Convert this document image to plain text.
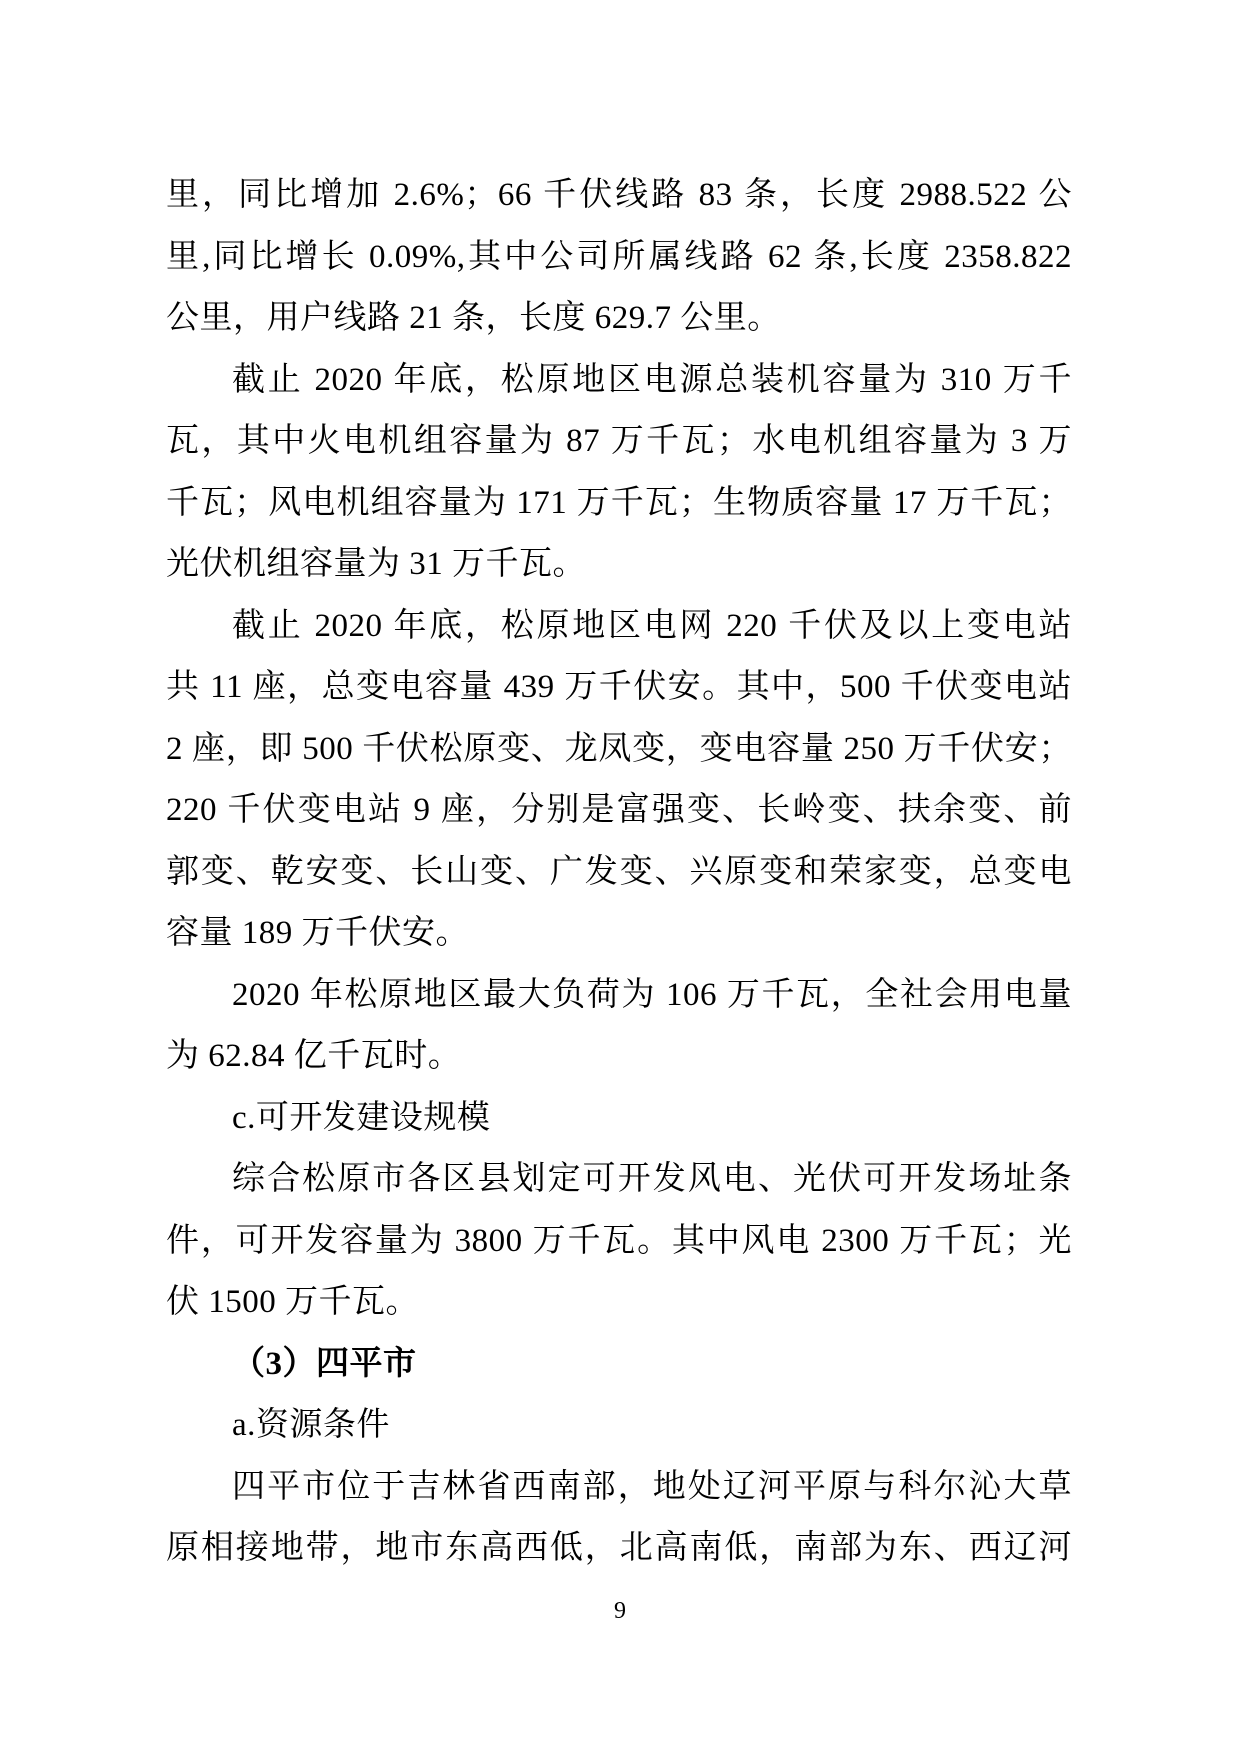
里，同比增加 2.6%；66 千伏线路 83 条，长度 2988.522 公
里,同比增长 0.09%,其中公司所属线路 62 条,长度 2358.822
公里，用户线路 21 条，长度 629.7 公里。
截止 2020 年底，松原地区电源总装机容量为 310 万千
瓦，其中火电机组容量为 87 万千瓦；水电机组容量为 3 万
千瓦；风电机组容量为 171 万千瓦；生物质容量 17 万千瓦；
光伏机组容量为 31 万千瓦。
截止 2020 年底，松原地区电网 220 千伏及以上变电站
共 11 座，总变电容量 439 万千伏安。其中，500 千伏变电站
2 座，即 500 千伏松原变、龙凤变，变电容量 250 万千伏安；
220 千伏变电站 9 座，分别是富强变、长岭变、扶余变、前
郭变、乾安变、长山变、广发变、兴原变和荣家变，总变电
容量 189 万千伏安。
2020 年松原地区最大负荷为 106 万千瓦，全社会用电量
为 62.84 亿千瓦时。
c.可开发建设规模
综合松原市各区县划定可开发风电、光伏可开发场址条
件，可开发容量为 3800 万千瓦。其中风电 2300 万千瓦；光
伏 1500 万千瓦。
（3）四平市
a.资源条件
四平市位于吉林省西南部，地处辽河平原与科尔沁大草
原相接地带，地市东高西低，北高南低，南部为东、西辽河
9
